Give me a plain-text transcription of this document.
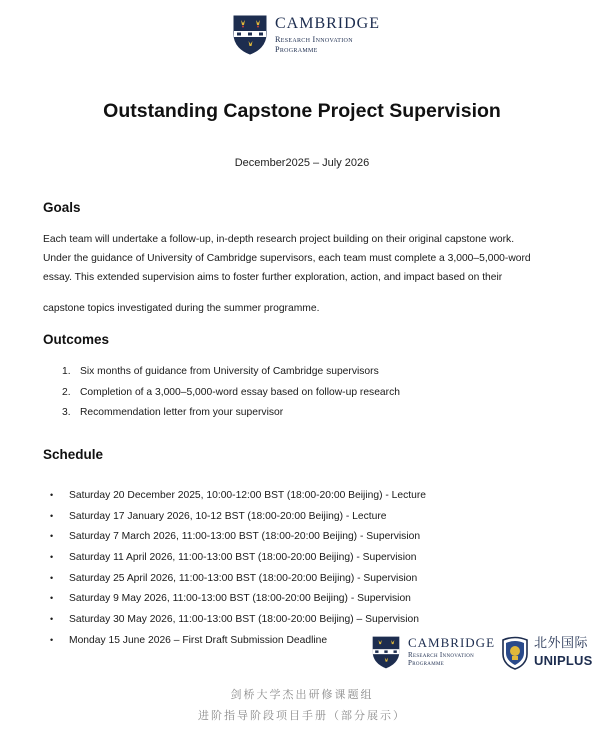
CAMBRIDGE
Research Innovation
Programme
Outstanding Capstone Project Supervision
December2025 – July 2026
Goals
Each team will undertake a follow-up, in-depth research project building on their original capstone work.
Under the guidance of University of Cambridge supervisors, each team must complete a 3,000–5,000-word
essay. This extended supervision aims to foster further exploration, action, and impact based on their
capstone topics investigated during the summer programme.
Outcomes
1. Six months of guidance from University of Cambridge supervisors
2. Completion of a 3,000–5,000-word essay based on follow-up research
3. Recommendation letter from your supervisor
Schedule
• Saturday 20 December 2025, 10:00-12:00 BST (18:00-20:00 Beijing) - Lecture
• Saturday 17 January 2026, 10-12 BST (18:00-20:00 Beijing) - Lecture
• Saturday 7 March 2026, 11:00-13:00 BST (18:00-20:00 Beijing) - Supervision
• Saturday 11 April 2026, 11:00-13:00 BST (18:00-20:00 Beijing) - Supervision
• Saturday 25 April 2026, 11:00-13:00 BST (18:00-20:00 Beijing) - Supervision
• Saturday 9 May 2026, 11:00-13:00 BST (18:00-20:00 Beijing) - Supervision
• Saturday 30 May 2026, 11:00-13:00 BST (18:00-20:00 Beijing) – Supervision
• Monday 15 June 2026 – First Draft Submission Deadline	CAMBRIDGE
Research Innovation
Programme
北外国际
UNIPLUS
剑桥大学杰出研修课题组
进阶指导阶段项目手册（部分展示）
